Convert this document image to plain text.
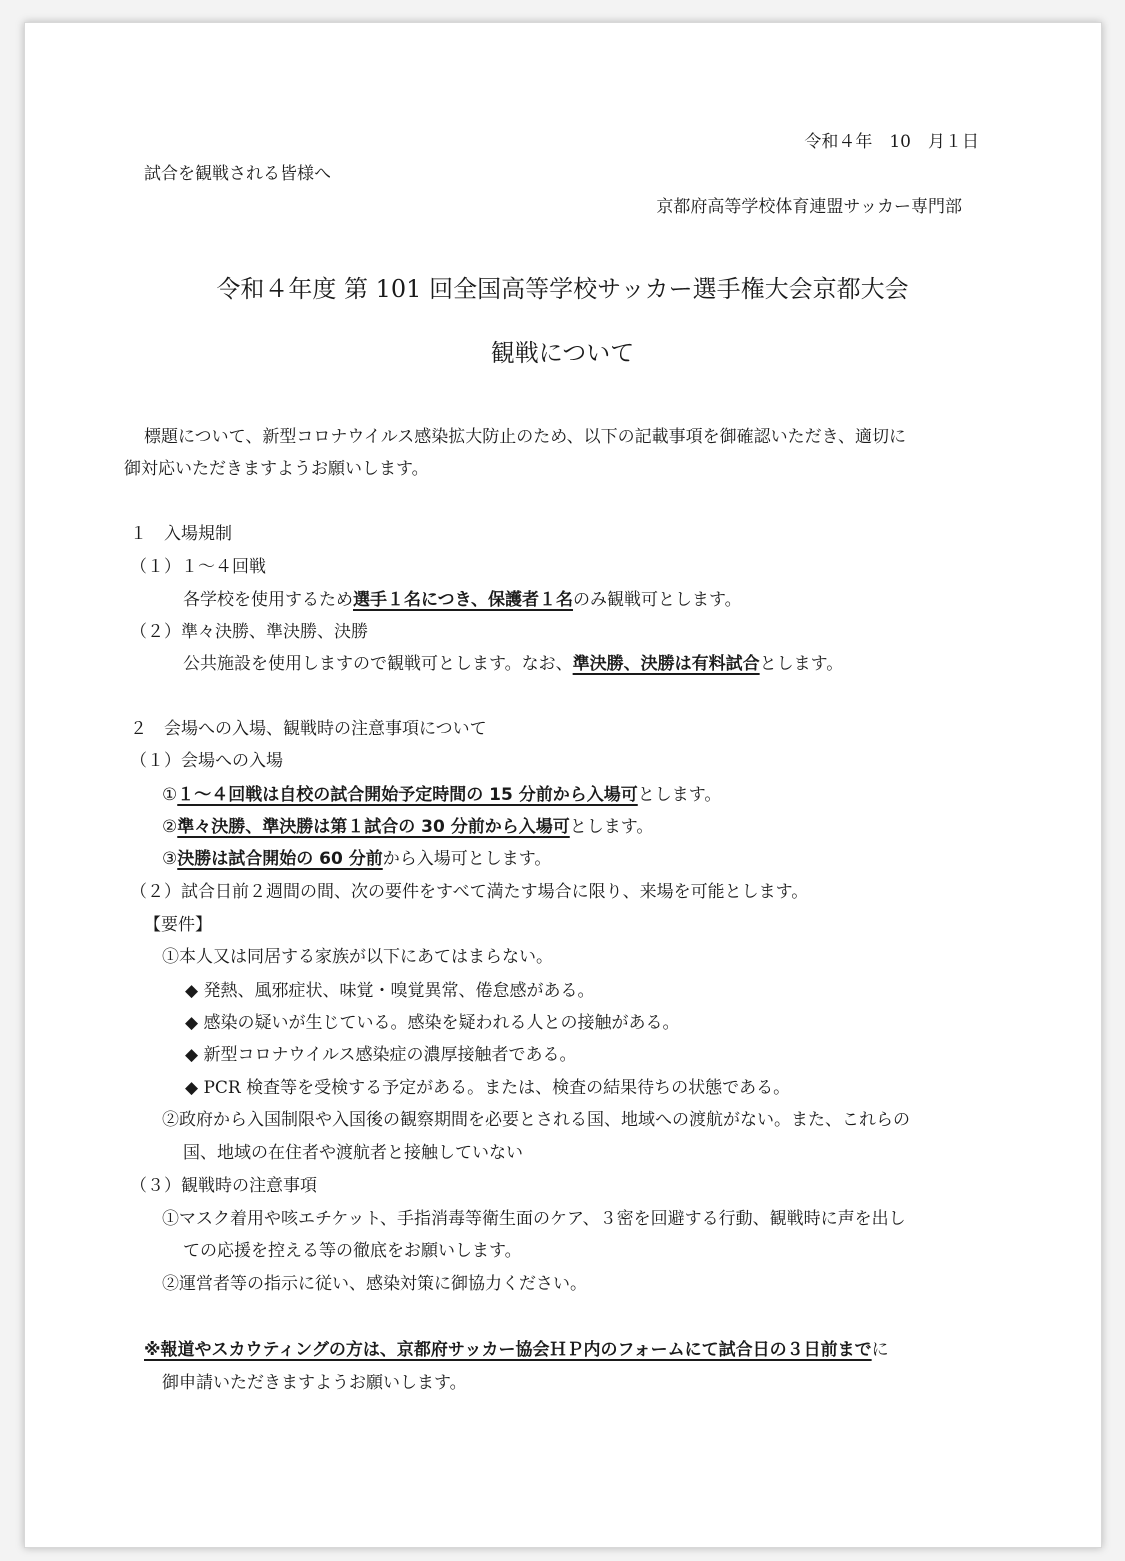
令和４年　10　月１日
試合を観戦される皆様へ
京都府高等学校体育連盟サッカー専門部
令和４年度 第 101 回全国高等学校サッカー選手権大会京都大会
観戦について
標題について、新型コロナウイルス感染拡大防止のため、以下の記載事項を御確認いただき、適切に
御対応いただきますようお願いします。
１　入場規制
（１）１～４回戦
各学校を使用するため選手１名につき、保護者１名のみ観戦可とします。
（２）準々決勝、準決勝、決勝
公共施設を使用しますので観戦可とします。なお、準決勝、決勝は有料試合とします。
２　会場への入場、観戦時の注意事項について
（１）会場への入場
①１～４回戦は自校の試合開始予定時間の 15 分前から入場可とします。
②準々決勝、準決勝は第１試合の 30 分前から入場可とします。
③決勝は試合開始の 60 分前から入場可とします。
（２）試合日前２週間の間、次の要件をすべて満たす場合に限り、来場を可能とします。
【要件】
①本人又は同居する家族が以下にあてはまらない。
◆ 発熱、風邪症状、味覚・嗅覚異常、倦怠感がある。
◆ 感染の疑いが生じている。感染を疑われる人との接触がある。
◆ 新型コロナウイルス感染症の濃厚接触者である。
◆ PCR 検査等を受検する予定がある。または、検査の結果待ちの状態である。
②政府から入国制限や入国後の観察期間を必要とされる国、地域への渡航がない。また、これらの
国、地域の在住者や渡航者と接触していない
（３）観戦時の注意事項
①マスク着用や咳エチケット、手指消毒等衛生面のケア、３密を回避する行動、観戦時に声を出し
ての応援を控える等の徹底をお願いします。
②運営者等の指示に従い、感染対策に御協力ください。
※報道やスカウティングの方は、京都府サッカー協会ＨＰ内のフォームにて試合日の３日前までに
御申請いただきますようお願いします。
